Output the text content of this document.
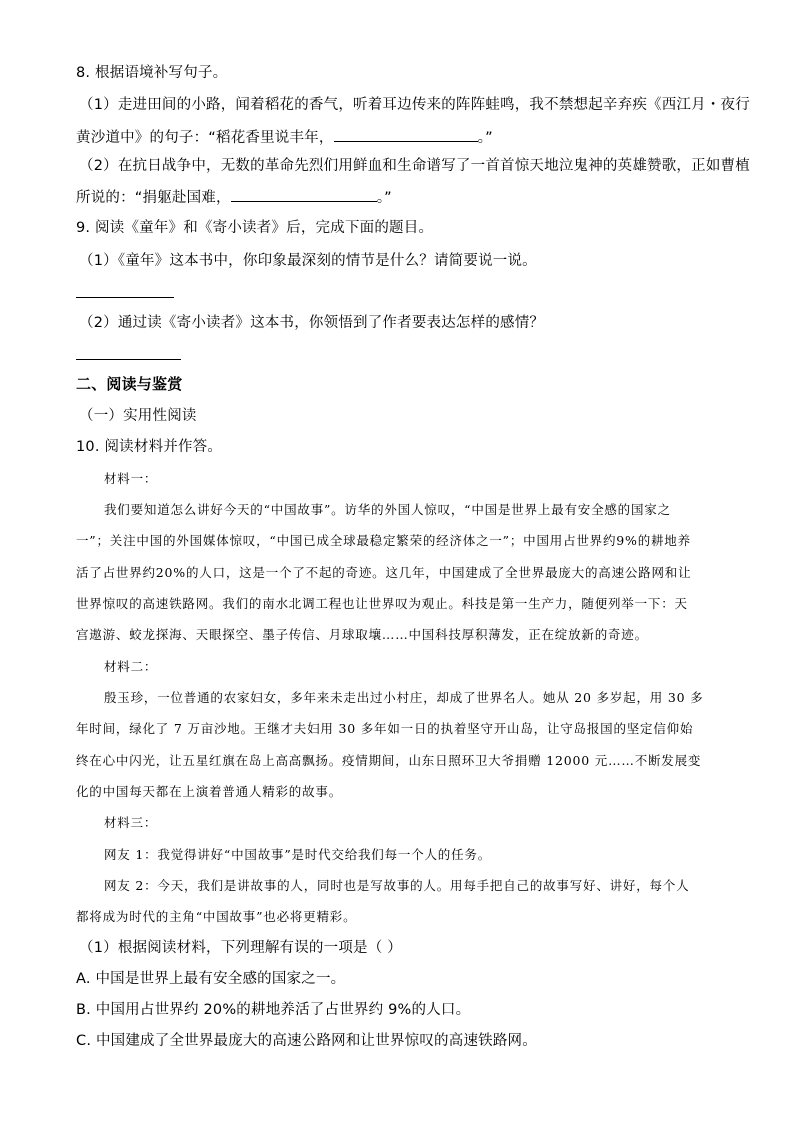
8. 根据语境补写句子。
（1）走进田间的小路，闻着稻花的香气，听着耳边传来的阵阵蛙鸣，我不禁想起辛弃疾《西江月・夜行
黄沙道中》的句子：“稻花香里说丰年，	。”
（2）在抗日战争中，无数的革命先烈们用鲜血和生命谱写了一首首惊天地泣鬼神的英雄赞歌，正如曹植
所说的：“捐躯赴国难，	。”
9. 阅读《童年》和《寄小读者》后，完成下面的题目。
（1）《童年》这本书中，你印象最深刻的情节是什么？请简要说一说。
（2）通过读《寄小读者》这本书，你领悟到了作者要表达怎样的感情？
二、阅读与鉴赏
（一）实用性阅读
10. 阅读材料并作答。
材料一：
我们要知道怎么讲好今天的“中国故事”。访华的外国人惊叹，“中国是世界上最有安全感的国家之
一”；关注中国的外国媒体惊叹，“中国已成全球最稳定繁荣的经济体之一”；中国用占世界约9%的耕地养
活了占世界约20%的人口，这是一个了不起的奇迹。这几年，中国建成了全世界最庞大的高速公路网和让
世界惊叹的高速铁路网。我们的南水北调工程也让世界叹为观止。科技是第一生产力，随便列举一下：天
宫遨游、蛟龙探海、天眼探空、墨子传信、月球取壤……中国科技厚积薄发，正在绽放新的奇迹。
材料二：
殷玉珍，一位普通的农家妇女，多年来未走出过小村庄，却成了世界名人。她从 20 多岁起，用 30 多
年时间，绿化了 7 万亩沙地。王继才夫妇用 30 多年如一日的执着坚守开山岛，让守岛报国的坚定信仰始
终在心中闪光，让五星红旗在岛上高高飘扬。疫情期间，山东日照环卫大爷捐赠 12000 元……不断发展变
化的中国每天都在上演着普通人精彩的故事。
材料三：
网友 1：我觉得讲好“中国故事”是时代交给我们每一个人的任务。
网友 2：今天，我们是讲故事的人，同时也是写故事的人。用每手把自己的故事写好、讲好，每个人
都将成为时代的主角“中国故事”也必将更精彩。
（1）根据阅读材料，下列理解有误的一项是（ ）
A. 中国是世界上最有安全感的国家之一。
B. 中国用占世界约 20%的耕地养活了占世界约 9%的人口。
C. 中国建成了全世界最庞大的高速公路网和让世界惊叹的高速铁路网。
